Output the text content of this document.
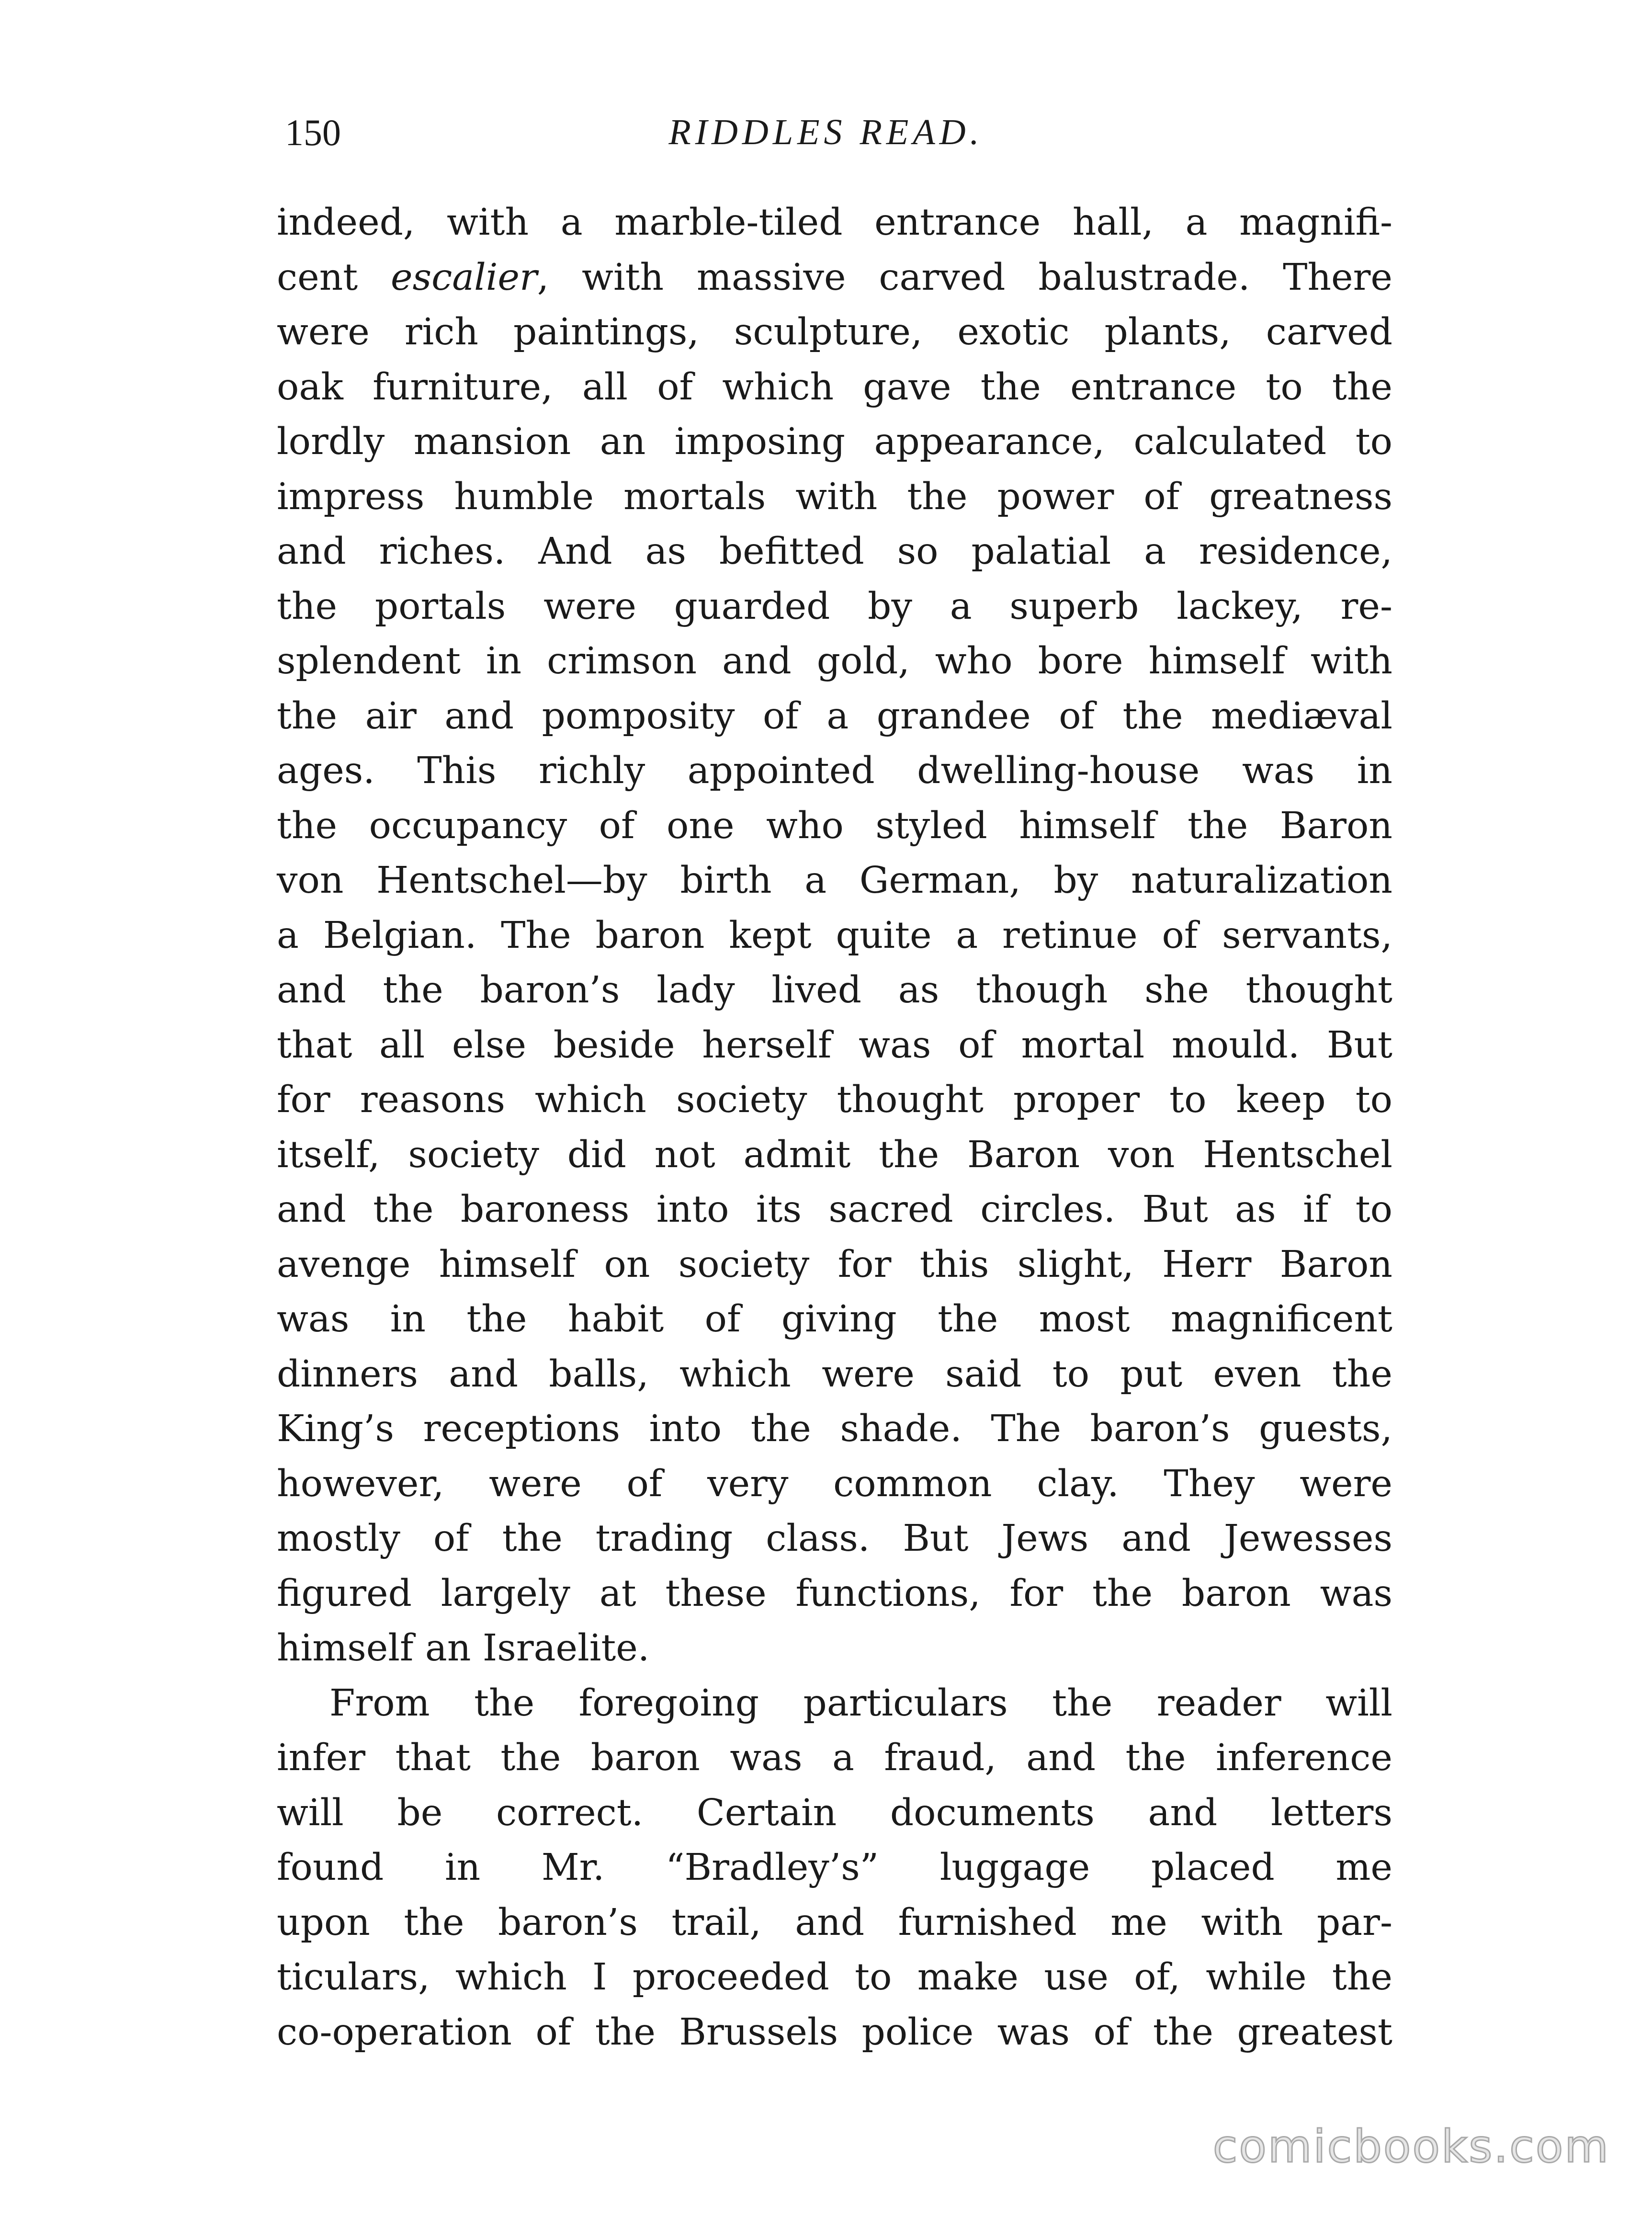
150	RIDDLES READ.
indeed, with a marble-tiled entrance hall, a magnifi-
cent escalier, with massive carved balustrade. There
were rich paintings, sculpture, exotic plants, carved
oak furniture, all of which gave the entrance to the
lordly mansion an imposing appearance, calculated to
impress humble mortals with the power of greatness
and riches. And as befitted so palatial a residence,
the portals were guarded by a superb lackey, re-
splendent in crimson and gold, who bore himself with
the air and pomposity of a grandee of the mediæval
ages. This richly appointed dwelling-house was in
the occupancy of one who styled himself the Baron
von Hentschel—by birth a German, by naturalization
a Belgian. The baron kept quite a retinue of servants,
and the baron’s lady lived as though she thought
that all else beside herself was of mortal mould. But
for reasons which society thought proper to keep to
itself, society did not admit the Baron von Hentschel
and the baroness into its sacred circles. But as if to
avenge himself on society for this slight, Herr Baron
was in the habit of giving the most magnificent
dinners and balls, which were said to put even the
King’s receptions into the shade. The baron’s guests,
however, were of very common clay. They were
mostly of the trading class. But Jews and Jewesses
figured largely at these functions, for the baron was
himself an Israelite.
From the foregoing particulars the reader will
infer that the baron was a fraud, and the inference
will be correct. Certain documents and letters
found in Mr. “Bradley’s” luggage placed me
upon the baron’s trail, and furnished me with par-
ticulars, which I proceeded to make use of, while the
co-operation of the Brussels police was of the greatest
comicbooks.com
